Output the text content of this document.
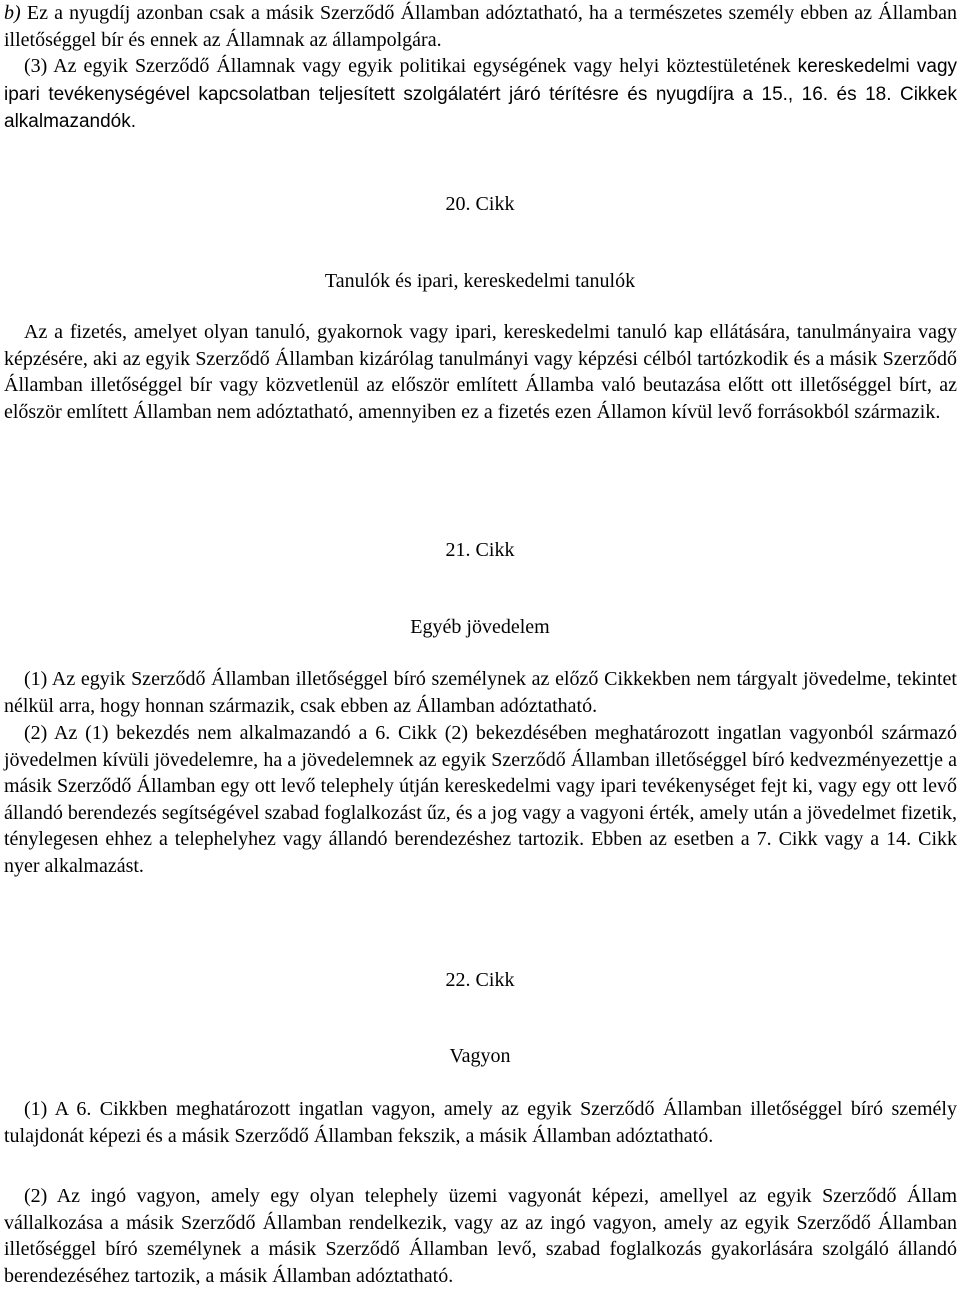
b) Ez a nyugdíj azonban csak a másik Szerződő Államban adóztatható, ha a természetes személy ebben az Államban illetőséggel bír és ennek az Államnak az állampolgára.

(3) Az egyik Szerződő Államnak vagy egyik politikai egységének vagy helyi köztestületének kereskedelmi vagy ipari tevékenységével kapcsolatban teljesített szolgálatért járó térítésre és nyugdíjra a 15., 16. és 18. Cikkek alkalmazandók.

20. Cikk
Tanulók és ipari, kereskedelmi tanulók

Az a fizetés, amelyet olyan tanuló, gyakornok vagy ipari, kereskedelmi tanuló kap ellátására, tanulmányaira vagy képzésére, aki az egyik Szerződő Államban kizárólag tanulmányi vagy képzési célból tartózkodik és a másik Szerződő Államban illetőséggel bír vagy közvetlenül az először említett Államba való beutazása előtt ott illetőséggel bírt, az először említett Államban nem adóztatható, amennyiben ez a fizetés ezen Államon kívül levő forrásokból származik.

21. Cikk
Egyéb jövedelem

(1) Az egyik Szerződő Államban illetőséggel bíró személynek az előző Cikkekben nem tárgyalt jövedelme, tekintet nélkül arra, hogy honnan származik, csak ebben az Államban adóztatható.

(2) Az (1) bekezdés nem alkalmazandó a 6. Cikk (2) bekezdésében meghatározott ingatlan vagyonból származó jövedelmen kívüli jövedelemre, ha a jövedelemnek az egyik Szerződő Államban illetőséggel bíró kedvezményezettje a másik Szerződő Államban egy ott levő telephely útján kereskedelmi vagy ipari tevékenységet fejt ki, vagy egy ott levő állandó berendezés segítségével szabad foglalkozást űz, és a jog vagy a vagyoni érték, amely után a jövedelmet fizetik, ténylegesen ehhez a telephelyhez vagy állandó berendezéshez tartozik. Ebben az esetben a 7. Cikk vagy a 14. Cikk nyer alkalmazást.

22. Cikk
Vagyon

(1) A 6. Cikkben meghatározott ingatlan vagyon, amely az egyik Szerződő Államban illetőséggel bíró személy tulajdonát képezi és a másik Szerződő Államban fekszik, a másik Államban adóztatható.

(2) Az ingó vagyon, amely egy olyan telephely üzemi vagyonát képezi, amellyel az egyik Szerződő Állam vállalkozása a másik Szerződő Államban rendelkezik, vagy az az ingó vagyon, amely az egyik Szerződő Államban illetőséggel bíró személynek a másik Szerződő Államban levő, szabad foglalkozás gyakorlására szolgáló állandó berendezéséhez tartozik, a másik Államban adóztatható.
